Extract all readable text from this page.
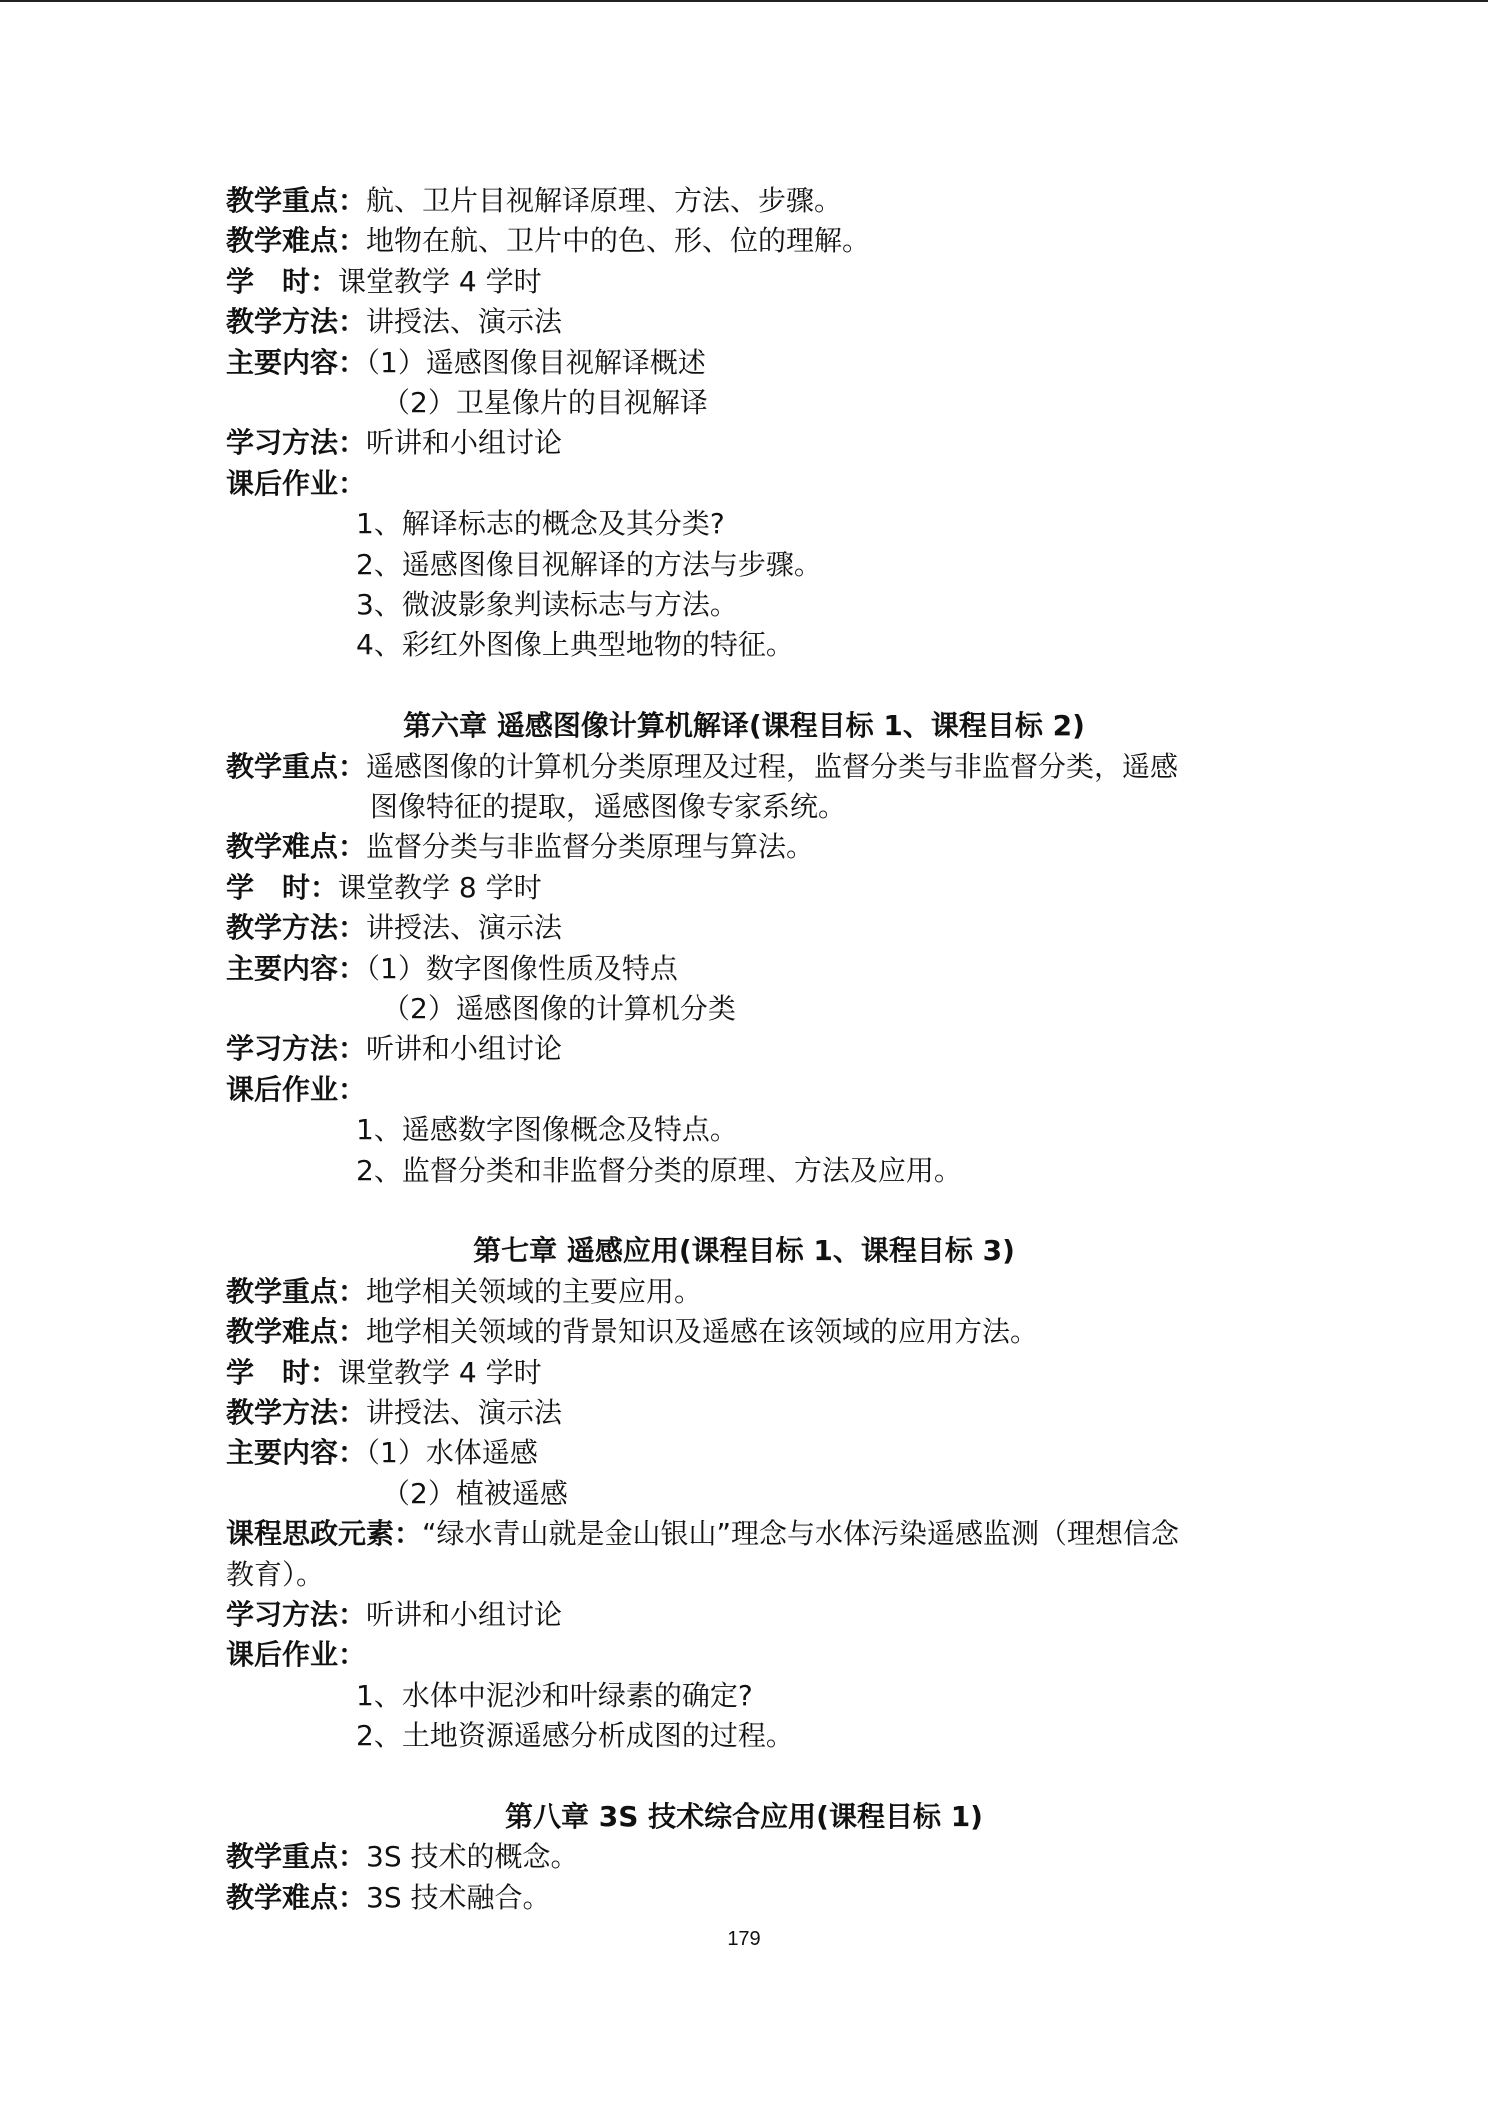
教学重点：航、卫片目视解译原理、方法、步骤。
教学难点：地物在航、卫片中的色、形、位的理解。
学　时：课堂教学 4 学时
教学方法：讲授法、演示法
主要内容：（1）遥感图像目视解译概述
（2）卫星像片的目视解译
学习方法：听讲和小组讨论
课后作业：
1、解译标志的概念及其分类?
2、遥感图像目视解译的方法与步骤。
3、微波影象判读标志与方法。
4、彩红外图像上典型地物的特征。
第六章 遥感图像计算机解译(课程目标 1、课程目标 2)
教学重点：遥感图像的计算机分类原理及过程，监督分类与非监督分类，遥感
图像特征的提取，遥感图像专家系统。
教学难点：监督分类与非监督分类原理与算法。
学　时：课堂教学 8 学时
教学方法：讲授法、演示法
主要内容：（1）数字图像性质及特点
（2）遥感图像的计算机分类
学习方法：听讲和小组讨论
课后作业：
1、遥感数字图像概念及特点。
2、监督分类和非监督分类的原理、方法及应用。
第七章 遥感应用(课程目标 1、课程目标 3)
教学重点：地学相关领域的主要应用。
教学难点：地学相关领域的背景知识及遥感在该领域的应用方法。
学　时：课堂教学 4 学时
教学方法：讲授法、演示法
主要内容：（1）水体遥感
（2）植被遥感
课程思政元素：“绿水青山就是金山银山”理念与水体污染遥感监测（理想信念
教育）。
学习方法：听讲和小组讨论
课后作业：
1、水体中泥沙和叶绿素的确定?
2、土地资源遥感分析成图的过程。
第八章 3S 技术综合应用(课程目标 1)
教学重点：3S 技术的概念。
教学难点：3S 技术融合。
179
